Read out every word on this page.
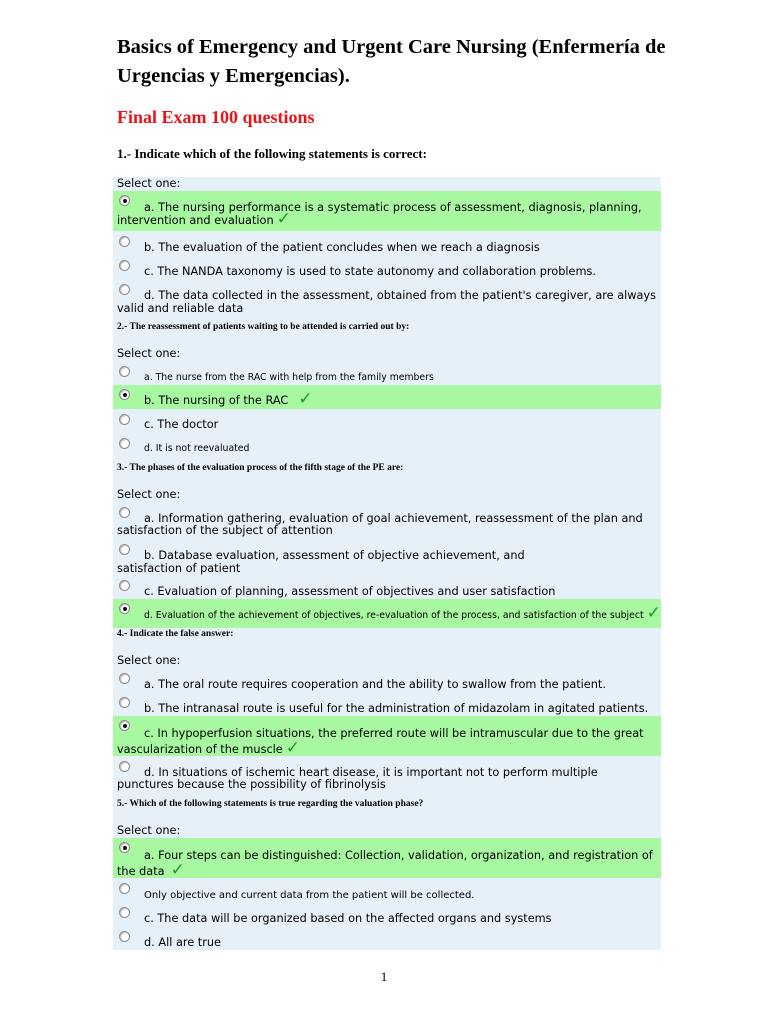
Basics of Emergency and Urgent Care Nursing (Enfermería de Urgencias y Emergencias).
Final Exam 100 questions

1.- Indicate which of the following statements is correct:

Select one:

a. The nursing performance is a systematic process of assessment, diagnosis, planning, intervention and evaluation ✓

b. The evaluation of the patient concludes when we reach a diagnosis

c. The NANDA taxonomy is used to state autonomy and collaboration problems.

d. The data collected in the assessment, obtained from the patient's caregiver, are always valid and reliable data

2.- The reassessment of patients waiting to be attended is carried out by:

Select one:

a. The nurse from the RAC with help from the family members

b. The nursing of the RAC ✓

c. The doctor

d. It is not reevaluated

3.- The phases of the evaluation process of the fifth stage of the PE are:

Select one:

a. Information gathering, evaluation of goal achievement, reassessment of the plan and satisfaction of the subject of attention

b. Database evaluation, assessment of objective achievement, and satisfaction of patient

c. Evaluation of planning, assessment of objectives and user satisfaction

d. Evaluation of the achievement of objectives, re-evaluation of the process, and satisfaction of the subject ✓

4.- Indicate the false answer:

Select one:

a. The oral route requires cooperation and the ability to swallow from the patient.

b. The intranasal route is useful for the administration of midazolam in agitated patients.

c. In hypoperfusion situations, the preferred route will be intramuscular due to the great vascularization of the muscle ✓

d. In situations of ischemic heart disease, it is important not to perform multiple punctures because the possibility of fibrinolysis

5.- Which of the following statements is true regarding the valuation phase?

Select one:

a. Four steps can be distinguished: Collection, validation, organization, and registration of the data ✓

Only objective and current data from the patient will be collected.

c. The data will be organized based on the affected organs and systems

d. All are true

1
